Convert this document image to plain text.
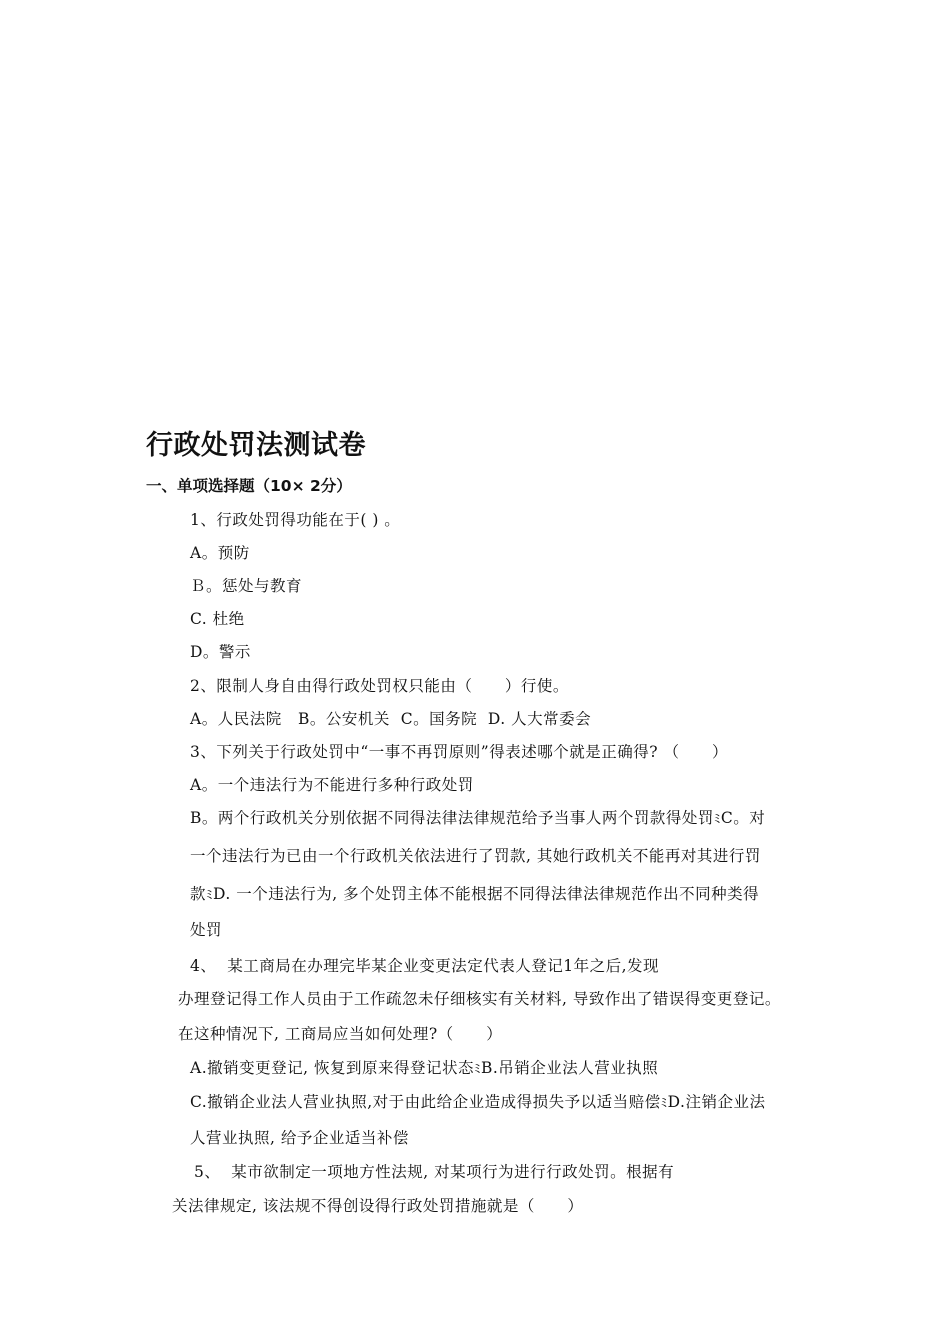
行政处罚法测试卷
一、单项选择题（10× 2分）
1、行政处罚得功能在于( ) 。
A。预防
Ｂ。惩处与教育
C. 杜绝
D。警示
2、限制人身自由得行政处罚权只能由（      ）行使。
A。人民法院   B。公安机关  C。国务院  D. 人大常委会
3、下列关于行政处罚中“一事不再罚原则”得表述哪个就是正确得? （      ）
A。一个违法行为不能进行多种行政处罚
B。两个行政机关分别依据不同得法律法律规范给予当事人两个罚款得处罚ﾐC。对
一个违法行为已由一个行政机关依法进行了罚款, 其她行政机关不能再对其进行罚
款ﾐD. 一个违法行为, 多个处罚主体不能根据不同得法律法律规范作出不同种类得
处罚
4、  某工商局在办理完毕某企业变更法定代表人登记1年之后,发现
办理登记得工作人员由于工作疏忽未仔细核实有关材料, 导致作出了错误得变更登记。
在这种情况下, 工商局应当如何处理?（      ）
A.撤销变更登记, 恢复到原来得登记状态ﾐB.吊销企业法人营业执照
C.撤销企业法人营业执照,对于由此给企业造成得损失予以适当赔偿ﾐD.注销企业法
人营业执照, 给予企业适当补偿
5、  某市欲制定一项地方性法规, 对某项行为进行行政处罚。根据有
关法律规定, 该法规不得创设得行政处罚措施就是（      ）
